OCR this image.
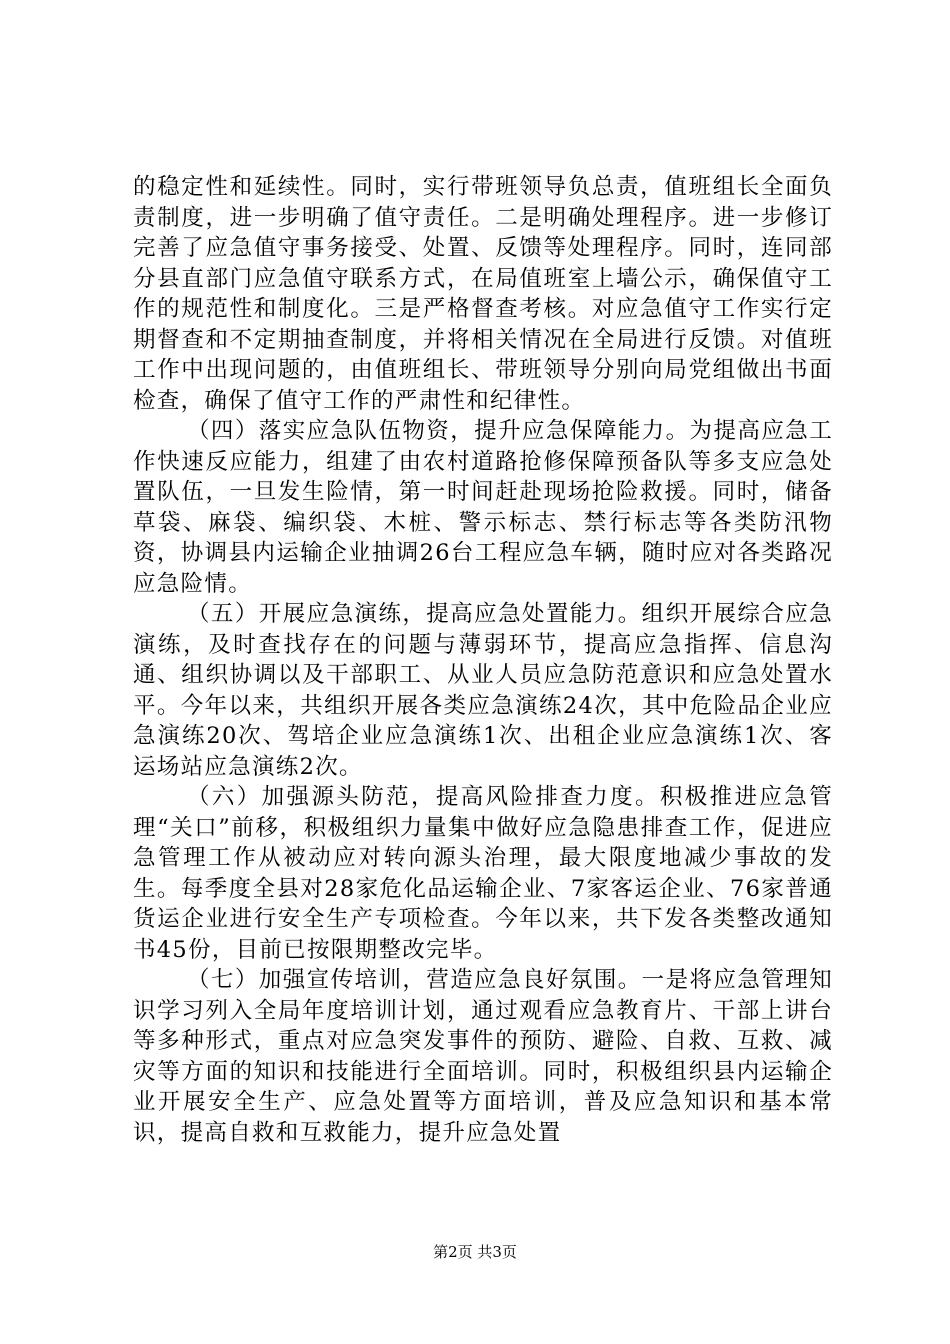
的稳定性和延续性。同时，实行带班领导负总责，值班组长全面负责制度，进一步明确了值守责任。二是明确处理程序。进一步修订完善了应急值守事务接受、处置、反馈等处理程序。同时，连同部分县直部门应急值守联系方式，在局值班室上墙公示，确保值守工作的规范性和制度化。三是严格督查考核。对应急值守工作实行定期督查和不定期抽查制度，并将相关情况在全局进行反馈。对值班工作中出现问题的，由值班组长、带班领导分别向局党组做出书面检查，确保了值守工作的严肃性和纪律性。

（四）落实应急队伍物资，提升应急保障能力。为提高应急工作快速反应能力，组建了由农村道路抢修保障预备队等多支应急处置队伍，一旦发生险情，第一时间赶赴现场抢险救援。同时，储备草袋、麻袋、编织袋、木桩、警示标志、禁行标志等各类防汛物资，协调县内运输企业抽调26台工程应急车辆，随时应对各类路况应急险情。

（五）开展应急演练，提高应急处置能力。组织开展综合应急演练，及时查找存在的问题与薄弱环节，提高应急指挥、信息沟通、组织协调以及干部职工、从业人员应急防范意识和应急处置水平。今年以来，共组织开展各类应急演练24次，其中危险品企业应急演练20次、驾培企业应急演练1次、出租企业应急演练1次、客运场站应急演练2次。

（六）加强源头防范，提高风险排查力度。积极推进应急管理“关口”前移，积极组织力量集中做好应急隐患排查工作，促进应急管理工作从被动应对转向源头治理，最大限度地减少事故的发生。每季度全县对28家危化品运输企业、7家客运企业、76家普通货运企业进行安全生产专项检查。今年以来，共下发各类整改通知书45份，目前已按限期整改完毕。

（七）加强宣传培训，营造应急良好氛围。一是将应急管理知识学习列入全局年度培训计划，通过观看应急教育片、干部上讲台等多种形式，重点对应急突发事件的预防、避险、自救、互救、减灾等方面的知识和技能进行全面培训。同时，积极组织县内运输企业开展安全生产、应急处置等方面培训，普及应急知识和基本常识，提高自救和互救能力，提升应急处置

第2页 共3页
